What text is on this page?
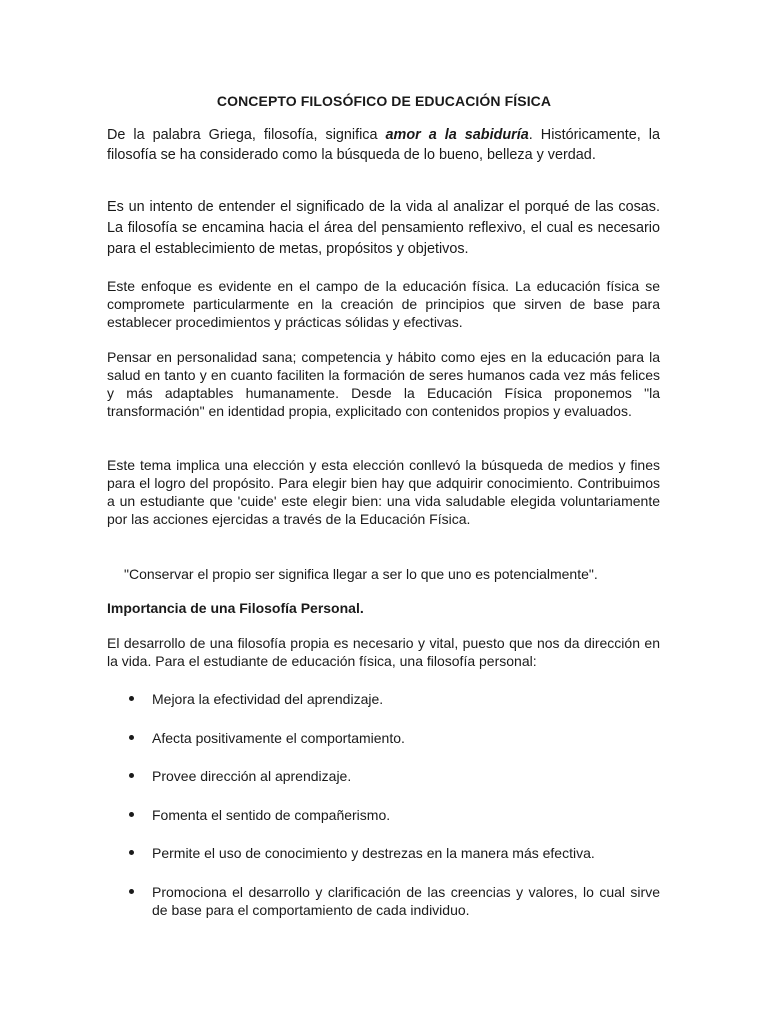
CONCEPTO FILOSÓFICO DE EDUCACIÓN FÍSICA

De la palabra Griega, filosofía, significa amor a la sabiduría. Históricamente, la filosofía se ha considerado como la búsqueda de lo bueno, belleza y verdad.

Es un intento de entender el significado de la vida al analizar el porqué de las cosas. La filosofía se encamina hacia el área del pensamiento reflexivo, el cual es necesario para el establecimiento de metas, propósitos y objetivos.

Este enfoque es evidente en el campo de la educación física. La educación física se compromete particularmente en la creación de principios que sirven de base para establecer procedimientos y prácticas sólidas y efectivas.

Pensar en personalidad sana; competencia y hábito como ejes en la educación para la salud en tanto y en cuanto faciliten la formación de seres humanos cada vez más felices y más adaptables humanamente. Desde la Educación Física proponemos "la transformación" en identidad propia, explicitado con contenidos propios y evaluados.

Este tema implica una elección y esta elección conllevó la búsqueda de medios y fines para el logro del propósito. Para elegir bien hay que adquirir conocimiento. Contribuimos a un estudiante que 'cuide' este elegir bien: una vida saludable elegida voluntariamente por las acciones ejercidas a través de la Educación Física.

"Conservar el propio ser significa llegar a ser lo que uno es potencialmente".
Importancia de una Filosofía Personal.

El desarrollo de una filosofía propia es necesario y vital, puesto que nos da dirección en la vida. Para el estudiante de educación física, una filosofía personal:

Mejora la efectividad del aprendizaje.
Afecta positivamente el comportamiento.
Provee dirección al aprendizaje.
Fomenta el sentido de compañerismo.
Permite el uso de conocimiento y destrezas en la manera más efectiva.
Promociona el desarrollo y clarificación de las creencias y valores, lo cual sirve de base para el comportamiento de cada individuo.
